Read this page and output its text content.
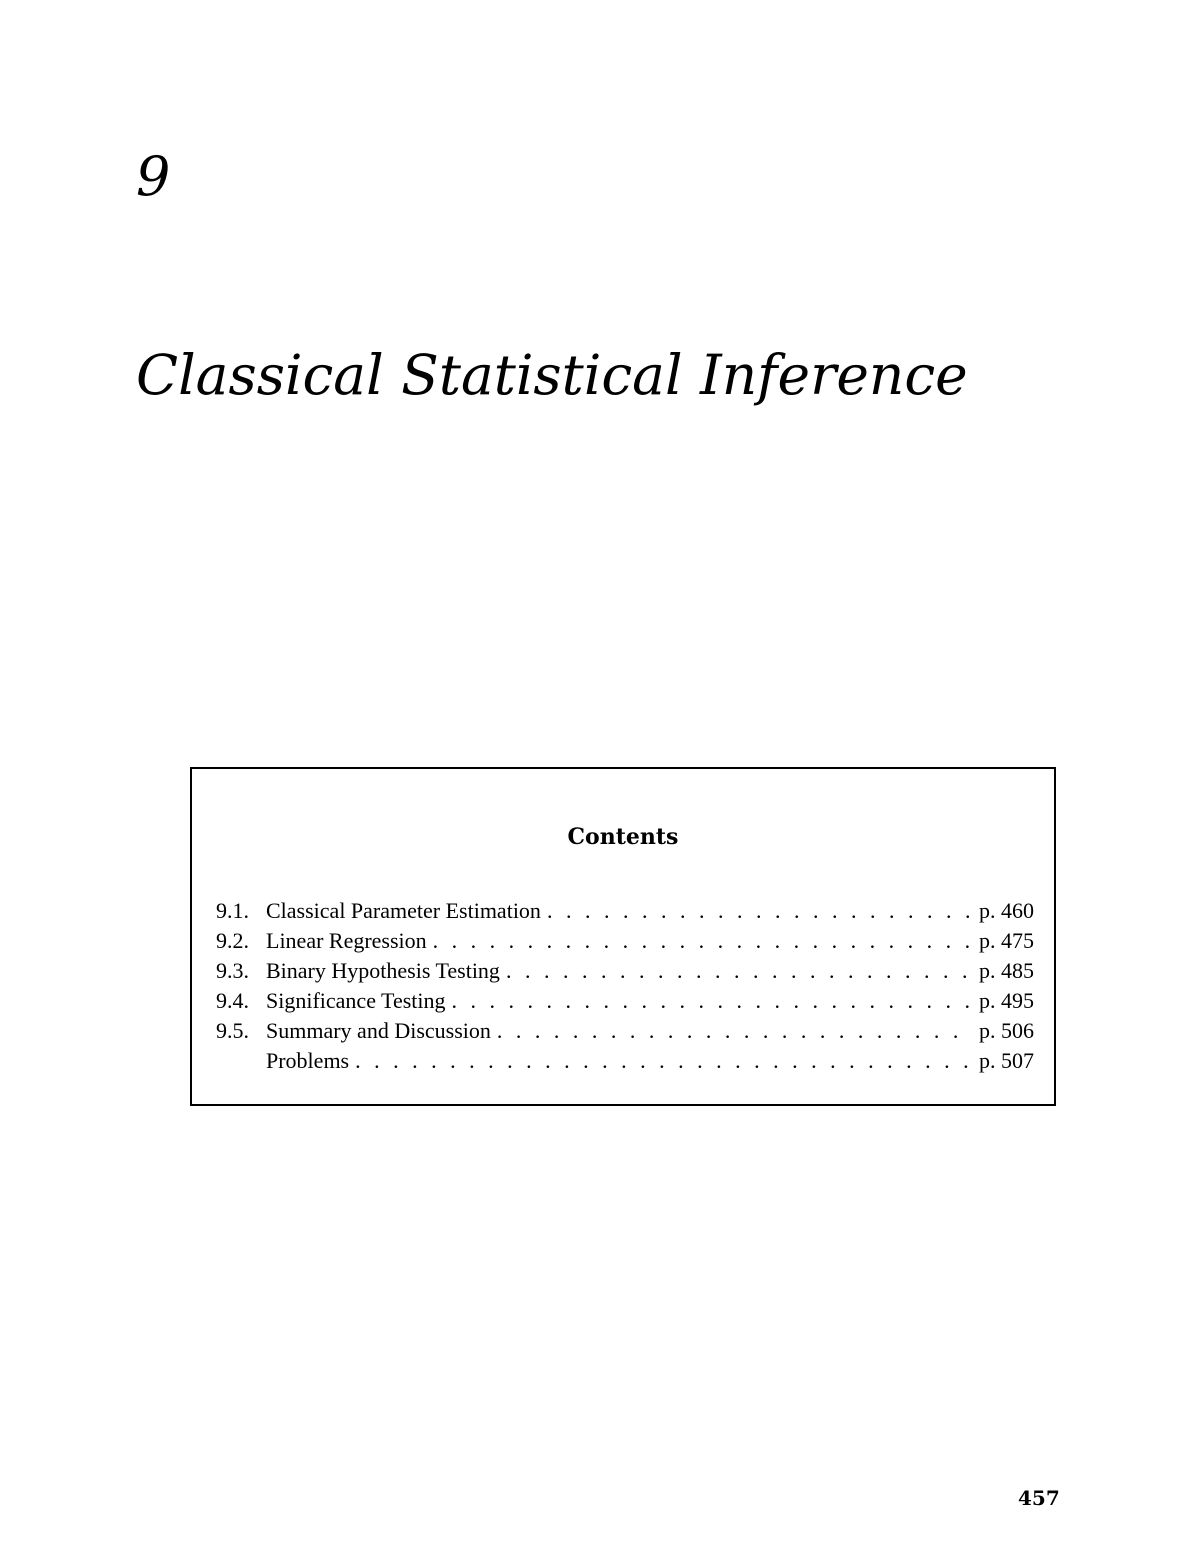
9
Classical Statistical Inference
Contents
9.1. Classical Parameter Estimation . . .	p. 460
9.2. Linear Regression . . .	p. 475
9.3. Binary Hypothesis Testing . . .	p. 485
9.4. Significance Testing . . .	p. 495
9.5. Summary and Discussion . . .	p. 506
Problems . . .	p. 507
457
